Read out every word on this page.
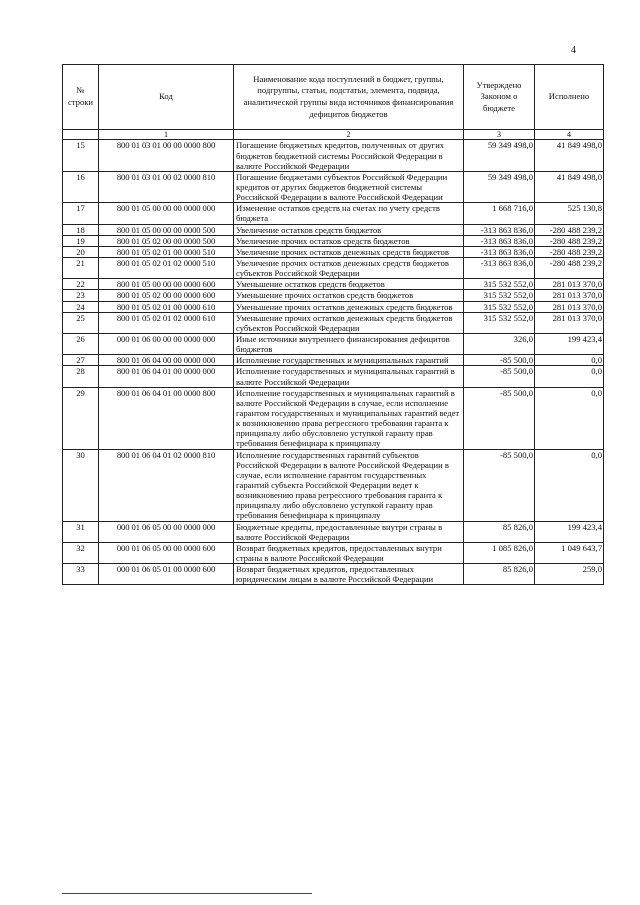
4
№ строки	Код	Наименование кода поступлений в бюджет, группы, подгруппы, статьи, подстатьи, элемента, подвида, аналитической группы вида источников финансирования дефицитов бюджетов	Утверждено Законом о бюджете	Исполнено
	1	2	3	4
15	800 01 03 01 00 00 0000 800	Погашение бюджетных кредитов, полученных от других бюджетов бюджетной системы Российской Федерации в валюте Российской Федерации	59 349 498,0	41 849 498,0
16	800 01 03 01 00 02 0000 810	Погашение бюджетами субъектов Российской Федерации кредитов от других бюджетов бюджетной системы Российской Федерации в валюте Российской Федерации	59 349 498,0	41 849 498,0
17	800 01 05 00 00 00 0000 000	Изменение остатков средств на счетах по учету средств бюджета	1 668 716,0	525 130,8
18	800 01 05 00 00 00 0000 500	Увеличение остатков средств бюджетов	-313 863 836,0	-280 488 239,2
19	800 01 05 02 00 00 0000 500	Увеличение прочих остатков средств бюджетов	-313 863 836,0	-280 488 239,2
20	800 01 05 02 01 00 0000 510	Увеличение прочих остатков денежных средств бюджетов	-313 863 836,0	-280 488 239,2
21	800 01 05 02 01 02 0000 510	Увеличение прочих остатков денежных средств бюджетов субъектов Российской Федерации	-313 863 836,0	-280 488 239,2
22	800 01 05 00 00 00 0000 600	Уменьшение остатков средств бюджетов	315 532 552,0	281 013 370,0
23	800 01 05 02 00 00 0000 600	Уменьшение прочих остатков средств бюджетов	315 532 552,0	281 013 370,0
24	800 01 05 02 01 00 0000 610	Уменьшение прочих остатков денежных средств бюджетов	315 532 552,0	281 013 370,0
25	800 01 05 02 01 02 0000 610	Уменьшение прочих остатков денежных средств бюджетов субъектов Российской Федерации	315 532 552,0	281 013 370,0
26	000 01 06 00 00 00 0000 000	Иные источники внутреннего финансирования дефицитов бюджетов	326,0	199 423,4
27	800 01 06 04 00 00 0000 000	Исполнение государственных и муниципальных гарантий	-85 500,0	0,0
28	800 01 06 04 01 00 0000 000	Исполнение государственных и муниципальных гарантий в валюте Российской Федерации	-85 500,0	0,0
29	800 01 06 04 01 00 0000 800	Исполнение государственных и муниципальных гарантий в валюте Российской Федерации в случае, если исполнение гарантом государственных и муниципальных гарантий ведет к возникновению права регрессного требования гаранта к принципалу либо обусловлено уступкой гаранту прав требования бенефициара к принципалу	-85 500,0	0,0
30	800 01 06 04 01 02 0000 810	Исполнение государственных гарантий субъектов Российской Федерации в валюте Российской Федерации в случае, если исполнение гарантом государственных гарантий субъекта Российской Федерации ведет к возникновению права регрессного требования гаранта к принципалу либо обусловлено уступкой гаранту прав требования бенефициара к принципалу	-85 500,0	0,0
31	000 01 06 05 00 00 0000 000	Бюджетные кредиты, предоставленные внутри страны в валюте Российской Федерации	85 826,0	199 423,4
32	000 01 06 05 00 00 0000 600	Возврат бюджетных кредитов, предоставленных внутри страны в валюте Российской Федерации	1 085 826,0	1 049 643,7
33	000 01 06 05 01 00 0000 600	Возврат бюджетных кредитов, предоставленных юридическим лицам в валюте Российской Федерации	85 826,0	259,0
